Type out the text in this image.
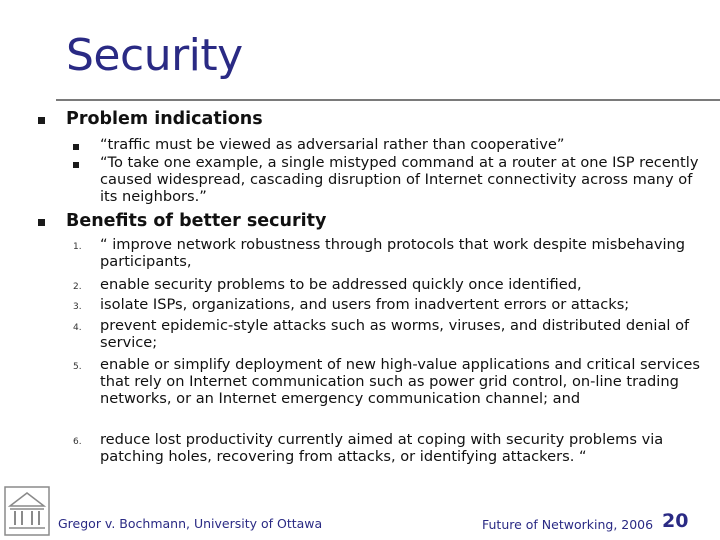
Security
Problem indications
“traffic must be viewed as adversarial rather than cooperative”
“To take one example, a single mistyped command at a router at one ISP recently caused widespread, cascading disruption of Internet connectivity across many of its neighbors.”
Benefits of better security
1. “ improve network robustness through protocols that work despite misbehaving participants,
2. enable security problems to be addressed quickly once identified,
3. isolate ISPs, organizations, and users from inadvertent errors or attacks;
4. prevent epidemic-style attacks such as worms, viruses, and distributed denial of service;
5. enable or simplify deployment of new high-value applications and critical services that rely on Internet communication such as power grid control, on-line trading networks, or an Internet emergency communication channel; and
6. reduce lost productivity currently aimed at coping with security problems via patching holes, recovering from attacks, or identifying attackers. “
Gregor v. Bochmann, University of Ottawa	Future of Networking, 2006 20
